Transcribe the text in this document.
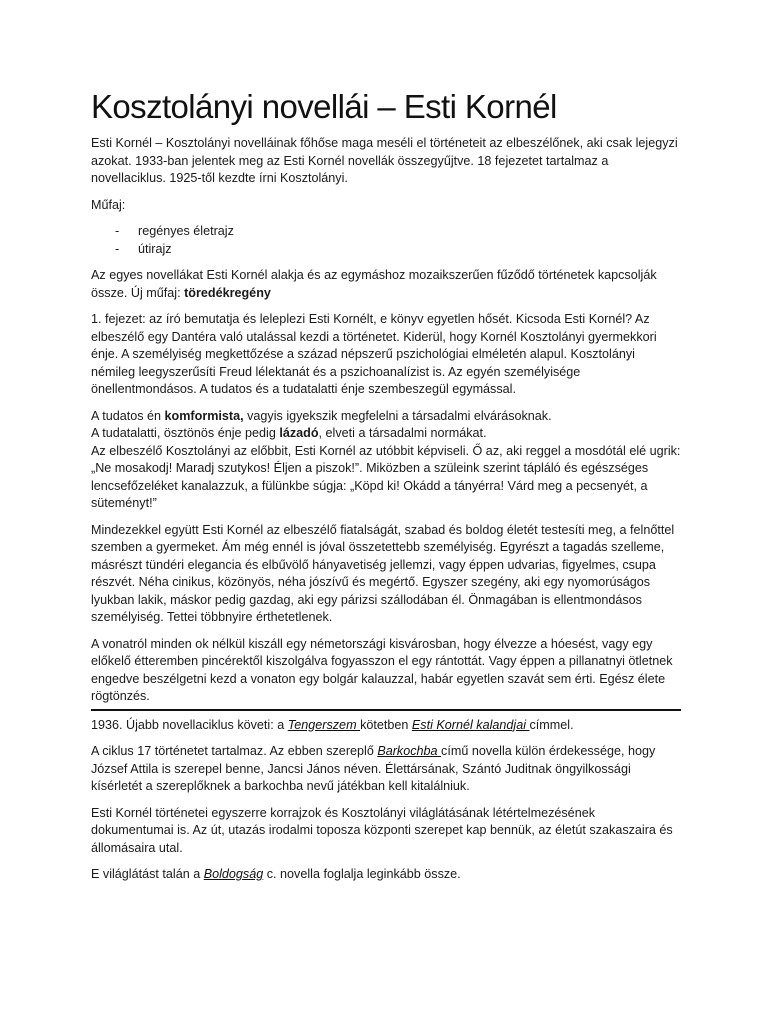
Kosztolányi novellái – Esti Kornél

Esti Kornél – Kosztolányi novelláinak főhőse maga meséli el történeteit az elbeszélőnek, aki csak lejegyzi azokat. 1933-ban jelentek meg az Esti Kornél novellák összegyűjtve. 18 fejezetet tartalmaz a novellaciklus. 1925-től kezdte írni Kosztolányi.

Műfaj:

- regényes életrajz
- útirajz

Az egyes novellákat Esti Kornél alakja és az egymáshoz mozaikszerűen fűződő történetek kapcsolják össze. Új műfaj: töredékregény

1. fejezet: az író bemutatja és leleplezi Esti Kornélt, e könyv egyetlen hősét. Kicsoda Esti Kornél? Az elbeszélő egy Dantéra való utalással kezdi a történetet. Kiderül, hogy Kornél Kosztolányi gyermekkori énje. A személyiség megkettőzése a század népszerű pszichológiai elméletén alapul. Kosztolányi némileg leegyszerűsíti Freud lélektanát és a pszichoanalízist is. Az egyén személyisége önellentmondásos. A tudatos és a tudatalatti énje szembeszegül egymással.

A tudatos én komformista, vagyis igyekszik megfelelni a társadalmi elvárásoknak.
A tudatalatti, ösztönös énje pedig lázadó, elveti a társadalmi normákat.
Az elbeszélő Kosztolányi az előbbit, Esti Kornél az utóbbit képviseli. Ő az, aki reggel a mosdótál elé ugrik: „Ne mosakodj! Maradj szutykos! Éljen a piszok!”. Miközben a szüleink szerint tápláló és egészséges lencsefőzeléket kanalazzuk, a fülünkbe súgja: „Köpd ki! Okádd a tányérra! Várd meg a pecsenyét, a süteményt!”

Mindezekkel együtt Esti Kornél az elbeszélő fiatalságát, szabad és boldog életét testesíti meg, a felnőttel szemben a gyermeket. Ám még ennél is jóval összetettebb személyiség. Egyrészt a tagadás szelleme, másrészt tündéri elegancia és elbűvölő hányavetiség jellemzi, vagy éppen udvarias, figyelmes, csupa részvét. Néha cinikus, közönyös, néha jószívű és megértő. Egyszer szegény, aki egy nyomorúságos lyukban lakik, máskor pedig gazdag, aki egy párizsi szállodában él. Önmagában is ellentmondásos személyiség. Tettei többnyire érthetetlenek.

A vonatról minden ok nélkül kiszáll egy németországi kisvárosban, hogy élvezze a hóesést, vagy egy előkelő étteremben pincérektől kiszolgálva fogyasszon el egy rántottát. Vagy éppen a pillanatnyi ötletnek engedve beszélgetni kezd a vonaton egy bolgár kalauzzal, habár egyetlen szavát sem érti. Egész élete rögtönzés.

1936. Újabb novellaciklus követi: a Tengerszem kötetben Esti Kornél kalandjai címmel.

A ciklus 17 történetet tartalmaz. Az ebben szereplő Barkochba című novella külön érdekessége, hogy József Attila is szerepel benne, Jancsi János néven. Élettársának, Szántó Juditnak öngyilkossági kísérletét a szereplőknek a barkochba nevű játékban kell kitalálniuk.

Esti Kornél történetei egyszerre korrajzok és Kosztolányi világlátásának létértelmezésének dokumentumai is. Az út, utazás irodalmi toposza központi szerepet kap bennük, az életút szakaszaira és állomásaira utal.

E világlátást talán a Boldogság c. novella foglalja leginkább össze.
